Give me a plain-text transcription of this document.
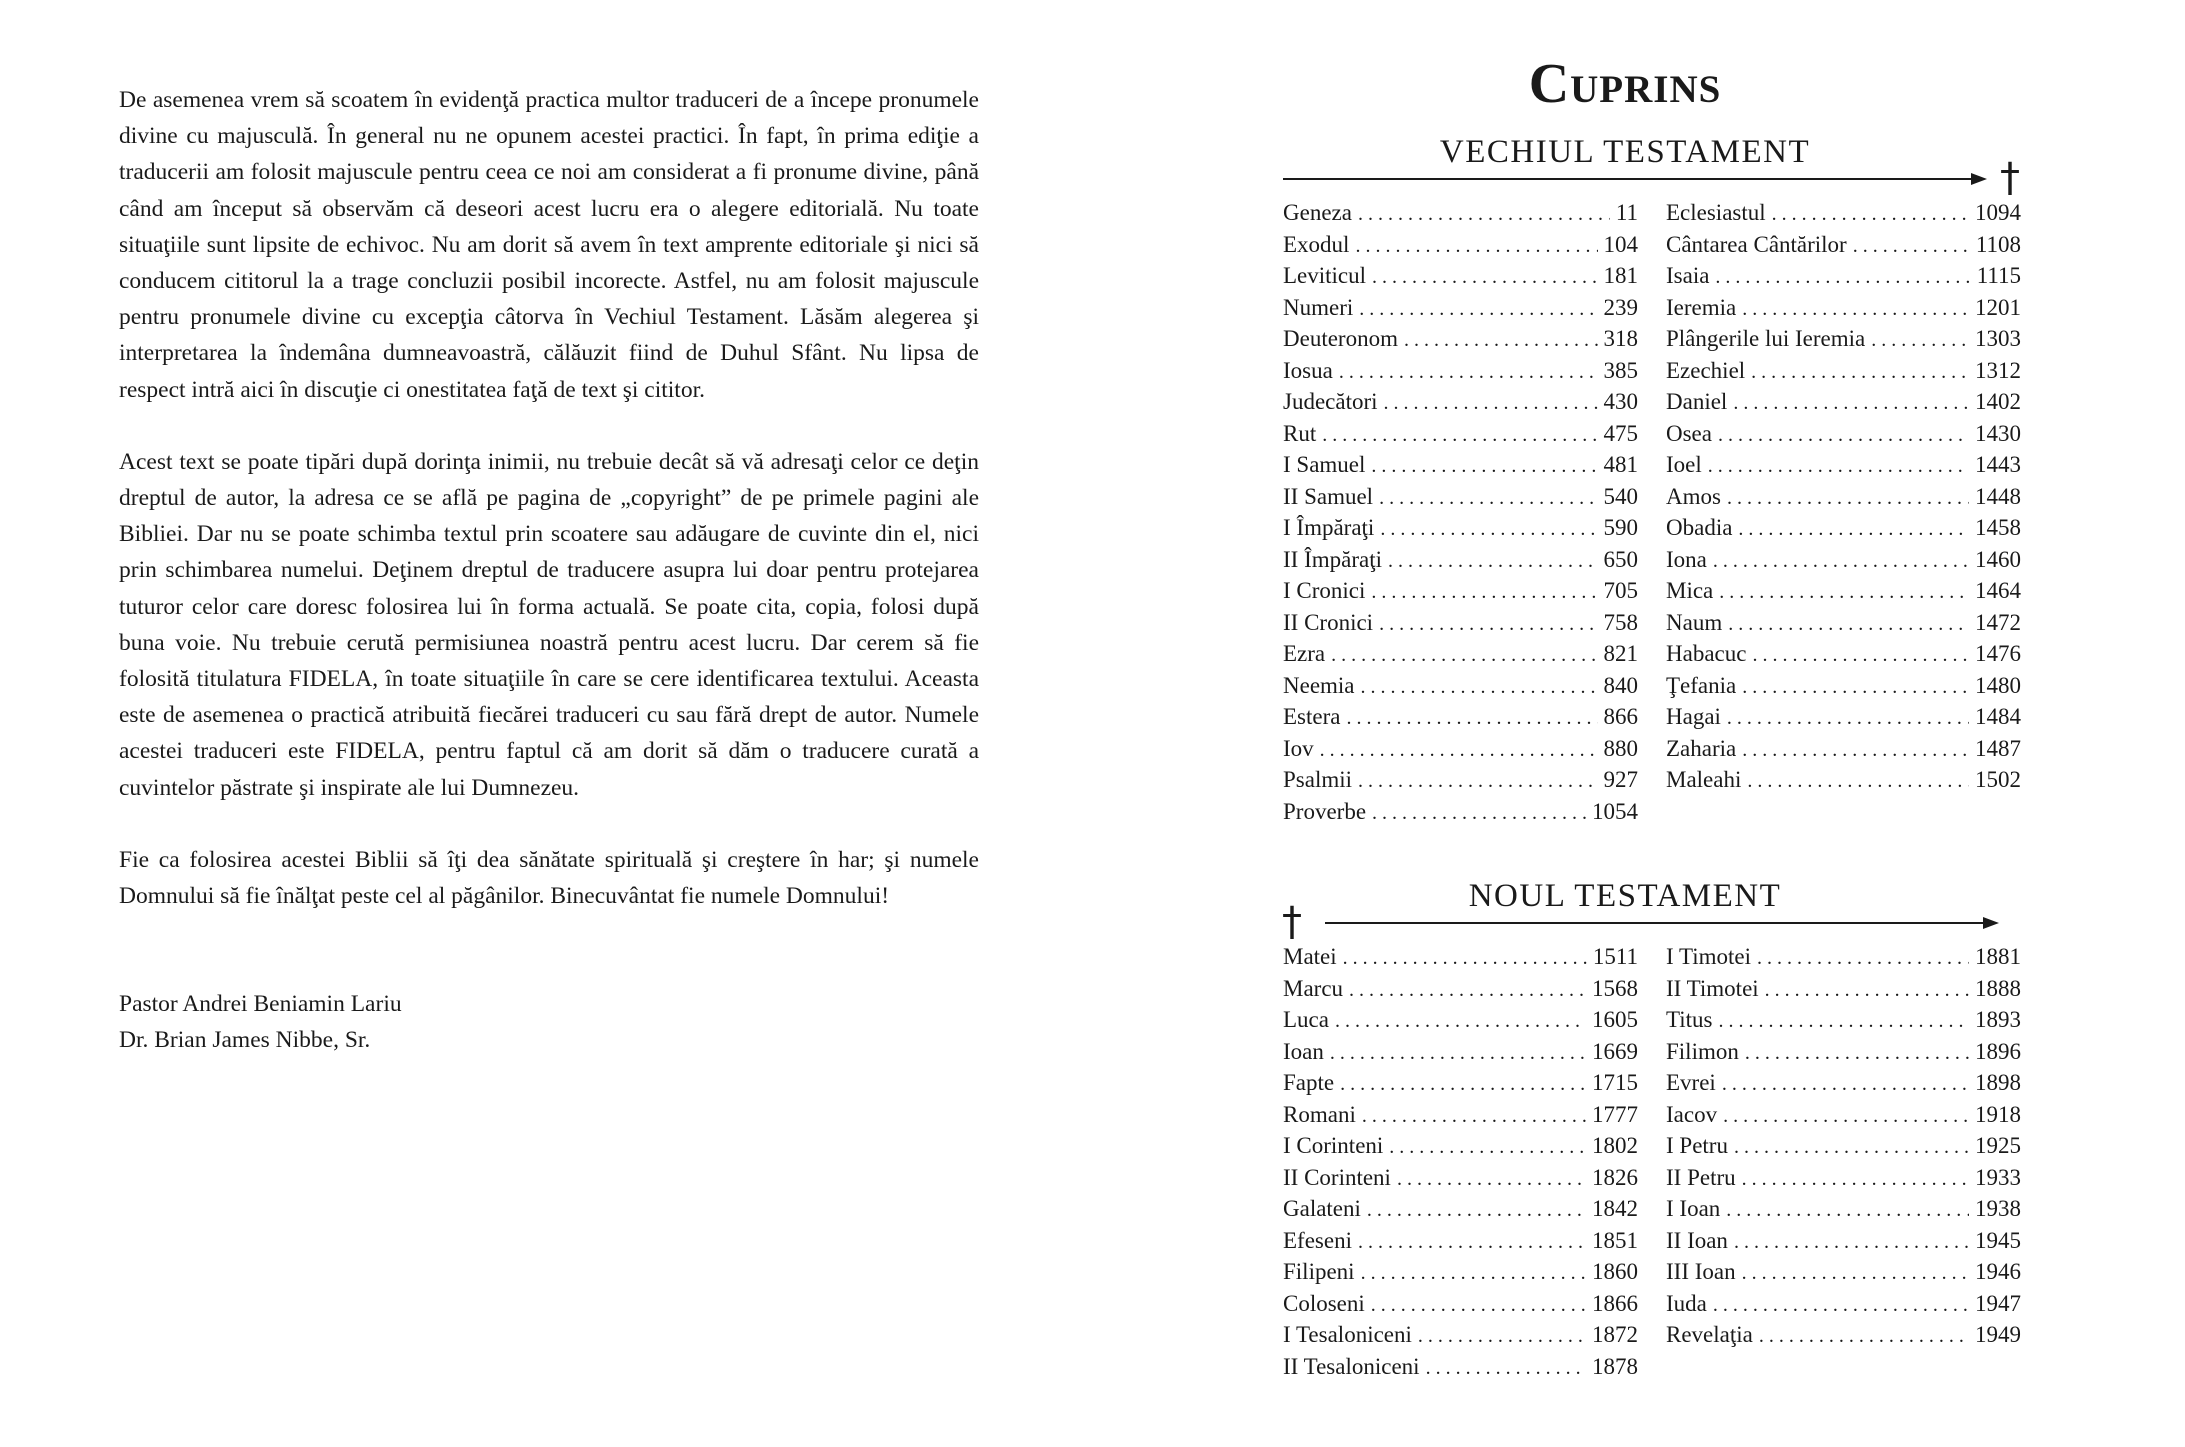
De asemenea vrem să scoatem în evidenţă practica multor traduceri de a începe pronumele divine cu majusculă. În general nu ne opunem acestei practici. În fapt, în prima ediţie a traducerii am folosit majuscule pentru ceea ce noi am considerat a fi pronume divine, până când am început să observăm că deseori acest lucru era o alegere editorială. Nu toate situaţiile sunt lipsite de echivoc. Nu am dorit să avem în text amprente editoriale şi nici să conducem cititorul la a trage concluzii posibil incorecte. Astfel, nu am folosit majuscule pentru pronumele divine cu excepţia câtorva în Vechiul Testament. Lăsăm alegerea şi interpretarea la îndemâna dumneavoastră, călăuzit fiind de Duhul Sfânt. Nu lipsa de respect intră aici în discuţie ci onestitatea faţă de text şi cititor.

Acest text se poate tipări după dorinţa inimii, nu trebuie decât să vă adresaţi celor ce deţin dreptul de autor, la adresa ce se află pe pagina de „copyright” de pe primele pagini ale Bibliei. Dar nu se poate schimba textul prin scoatere sau adăugare de cuvinte din el, nici prin schimbarea numelui. Deţinem dreptul de traducere asupra lui doar pentru protejarea tuturor celor care doresc folosirea lui în forma actuală. Se poate cita, copia, folosi după buna voie. Nu trebuie cerută permisiunea noastră pentru acest lucru. Dar cerem să fie folosită titulatura FIDELA, în toate situaţiile în care se cere identificarea textului. Aceasta este de asemenea o practică atribuită fiecărei traduceri cu sau fără drept de autor. Numele acestei traduceri este FIDELA, pentru faptul că am dorit să dăm o traducere curată a cuvintelor păstrate şi inspirate ale lui Dumnezeu.

Fie ca folosirea acestei Biblii să îţi dea sănătate spirituală şi creştere în har; şi numele Domnului să fie înălţat peste cel al păgânilor. Binecuvântat fie numele Domnului!

Pastor Andrei Beniamin Lariu
Dr. Brian James Nibbe, Sr.
Cuprins
VECHIUL TESTAMENT
†
Geneza . . .	11
Exodul . . .	104
Leviticul . . .	181
Numeri . . .	239
Deuteronom . . .	318
Iosua . . .	385
Judecători . . .	430
Rut . . .	475
I Samuel . . .	481
II Samuel . . .	540
I Împăraţi . . .	590
II Împăraţi . . .	650
I Cronici . . .	705
II Cronici . . .	758
Ezra . . .	821
Neemia . . .	840
Estera . . .	866
Iov . . .	880
Psalmii . . .	927
Proverbe . . .	1054
Eclesiastul . . .	1094
Cântarea Cântărilor . . .	1108
Isaia . . .	1115
Ieremia . . .	1201
Plângerile lui Ieremia . . .	1303
Ezechiel . . .	1312
Daniel . . .	1402
Osea . . .	1430
Ioel . . .	1443
Amos . . .	1448
Obadia . . .	1458
Iona . . .	1460
Mica . . .	1464
Naum . . .	1472
Habacuc . . .	1476
Ţefania . . .	1480
Hagai . . .	1484
Zaharia . . .	1487
Maleahi . . .	1502
NOUL TESTAMENT
†
Matei . . .	1511
Marcu . . .	1568
Luca . . .	1605
Ioan . . .	1669
Fapte . . .	1715
Romani . . .	1777
I Corinteni . . .	1802
II Corinteni . . .	1826
Galateni . . .	1842
Efeseni . . .	1851
Filipeni . . .	1860
Coloseni . . .	1866
I Tesaloniceni . . .	1872
II Tesaloniceni . . .	1878
I Timotei . . .	1881
II Timotei . . .	1888
Titus . . .	1893
Filimon . . .	1896
Evrei . . .	1898
Iacov . . .	1918
I Petru . . .	1925
II Petru . . .	1933
I Ioan . . .	1938
II Ioan . . .	1945
III Ioan . . .	1946
Iuda . . .	1947
Revelaţia . . .	1949
